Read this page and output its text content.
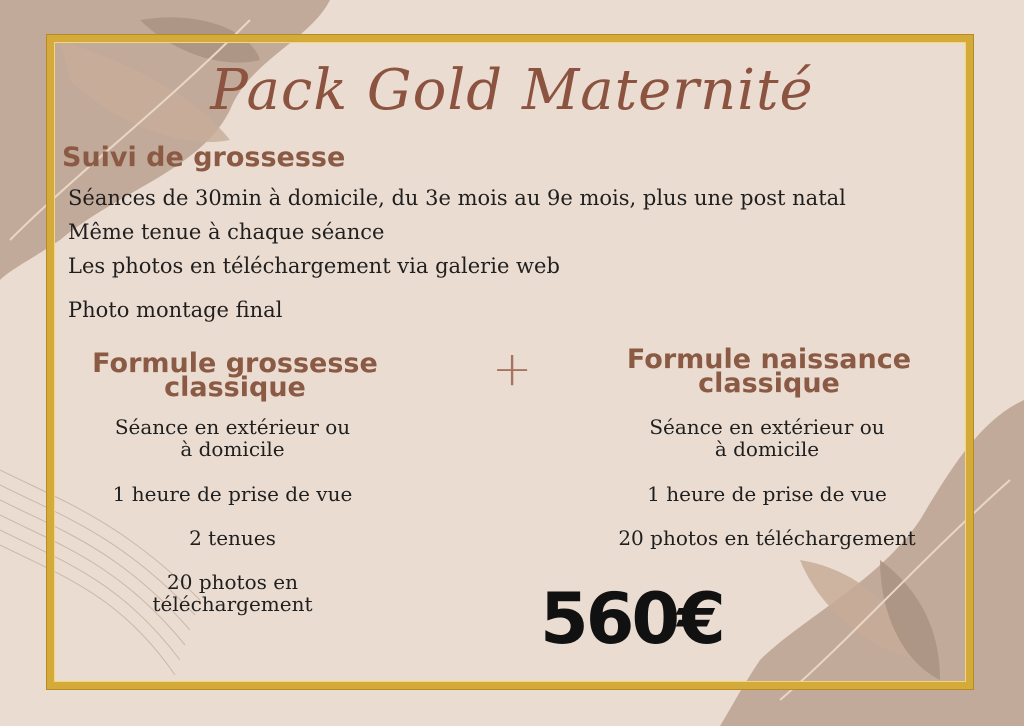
Pack Gold Maternité
Suivi de grossesse
Séances de 30min à domicile, du 3e mois au 9e mois, plus une post natal
Même tenue à chaque séance
Les photos en téléchargement via galerie web
Photo montage final
Formule grossesse
classique
Séance en extérieur ou
à domicile
1 heure de prise de vue
2 tenues
20 photos en
téléchargement
+	Formule naissance
classique
Séance en extérieur ou
à domicile
1 heure de prise de vue
20 photos en téléchargement
560€
